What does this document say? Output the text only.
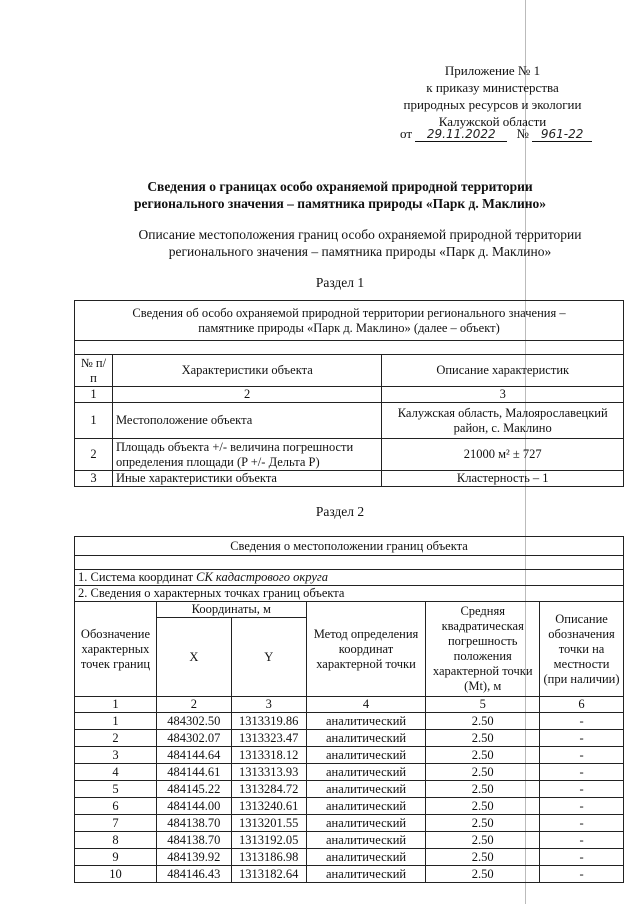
Приложение № 1
к приказу министерства
природных ресурсов и экологии
Калужской области
от 29.11.2022 № 961-22
Сведения о границах особо охраняемой природной территории
регионального значения – памятника природы «Парк д. Маклино»
Описание местоположения границ особо охраняемой природной территории
регионального значения – памятника природы «Парк д. Маклино»
Раздел 1
Сведения об особо охраняемой природной территории регионального значения –
памятнике природы «Парк д. Маклино» (далее – объект)		

№ п/п	Характеристики объекта	Описание характеристик
1	2	3
1	Местоположение объекта	Калужская область, Малоярославецкий район, с. Маклино
2	Площадь объекта +/- величина погрешности определения площади (P +/- Дельта P)	21000 м² ± 727
3	Иные характеристики объекта	Кластерность – 1
Раздел 2
Сведения о местоположении границ объекта					

1. Система координат СК кадастрового округа					
2. Сведения о характерных точках границ объекта					
Обозначение характерных точек границ	Координаты, м		Метод определения координат характерной точки	Средняя квадратическая погрешность положения характерной точки (Mt), м	Описание обозначения точки на местности (при наличии)
	X	Y			
1	2	3	4	5	6
1	484302.50	1313319.86	аналитический	2.50	-
2	484302.07	1313323.47	аналитический	2.50	-
3	484144.64	1313318.12	аналитический	2.50	-
4	484144.61	1313313.93	аналитический	2.50	-
5	484145.22	1313284.72	аналитический	2.50	-
6	484144.00	1313240.61	аналитический	2.50	-
7	484138.70	1313201.55	аналитический	2.50	-
8	484138.70	1313192.05	аналитический	2.50	-
9	484139.92	1313186.98	аналитический	2.50	-
10	484146.43	1313182.64	аналитический	2.50	-
